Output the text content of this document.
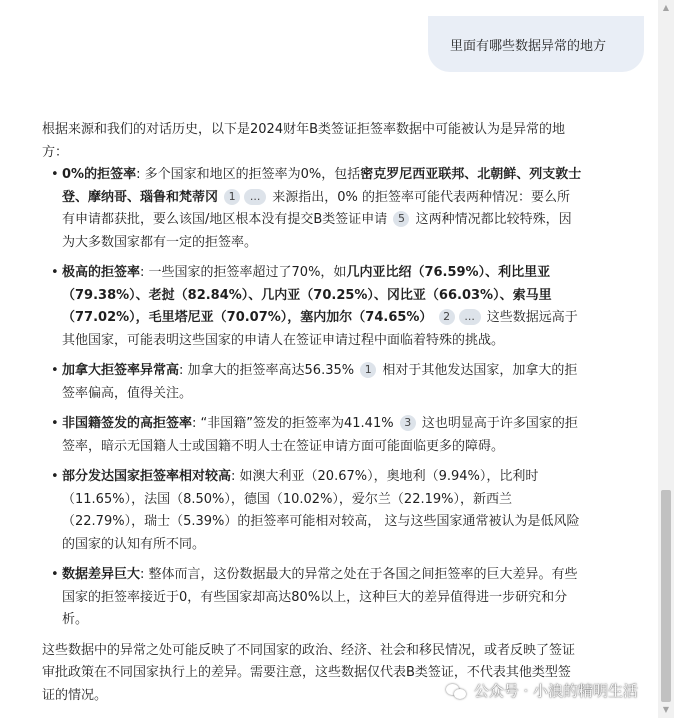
里面有哪些数据异常的地方

根据来源和我们的对话历史，以下是2024财年B类签证拒签率数据中可能被认为是异常的地方：

• 0%的拒签率: 多个国家和地区的拒签率为0%，包括密克罗尼西亚联邦、北朝鲜、列支敦士登、摩纳哥、瑙鲁和梵蒂冈 1 ... 来源指出，0% 的拒签率可能代表两种情况：要么所有申请都获批，要么该国/地区根本没有提交B类签证申请 5 这两种情况都比较特殊，因为大多数国家都有一定的拒签率。
• 极高的拒签率: 一些国家的拒签率超过了70%，如几内亚比绍（76.59%）、利比里亚（79.38%）、老挝（82.84%）、几内亚（70.25%）、冈比亚（66.03%）、索马里（77.02%），毛里塔尼亚（70.07%），塞内加尔（74.65%） 2 ... 这些数据远高于其他国家，可能表明这些国家的申请人在签证申请过程中面临着特殊的挑战。
• 加拿大拒签率异常高: 加拿大的拒签率高达56.35% 1 相对于其他发达国家，加拿大的拒签率偏高，值得关注。
• 非国籍签发的高拒签率: “非国籍”签发的拒签率为41.41% 3 这也明显高于许多国家的拒签率，暗示无国籍人士或国籍不明人士在签证申请方面可能面临更多的障碍。
• 部分发达国家拒签率相对较高: 如澳大利亚（20.67%），奥地利（9.94%），比利时（11.65%），法国（8.50%），德国（10.02%），爱尔兰（22.19%），新西兰（22.79%），瑞士（5.39%）的拒签率可能相对较高， 这与这些国家通常被认为是低风险的国家的认知有所不同。
• 数据差异巨大: 整体而言，这份数据最大的异常之处在于各国之间拒签率的巨大差异。有些国家的拒签率接近于0，有些国家却高达80%以上，这种巨大的差异值得进一步研究和分析。

这些数据中的异常之处可能反映了不同国家的政治、经济、社会和移民情况，或者反映了签证审批政策在不同国家执行上的差异。需要注意，这些数据仅代表B类签证，不代表其他类型签证的情况。	公众号 · 小浪的精明生活
▲
▼
